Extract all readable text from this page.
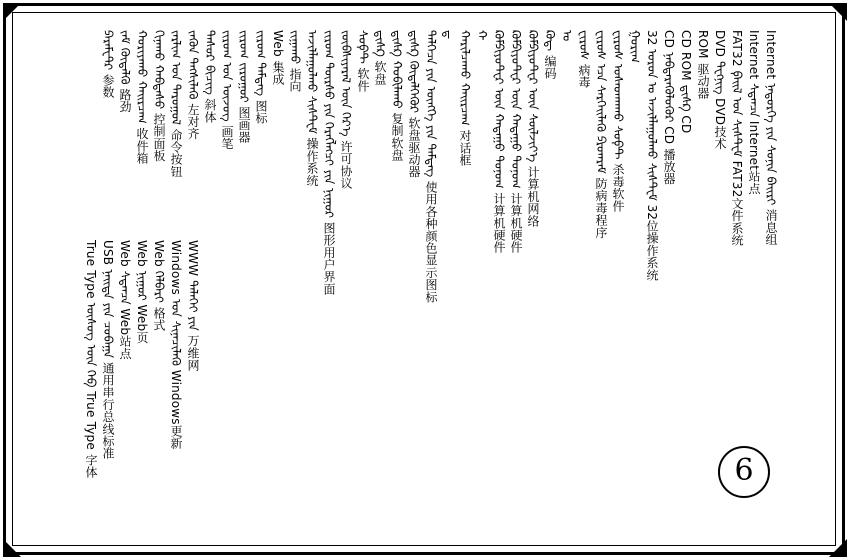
Internet ᠨᠡᠲᠤᠷᠬᠡ ᠶᠢᠨ ᠰᠣᠨᠢᠨ ᠪᠠᠢᠷᠢ 消息组
Internet ᠰᠲᠠᠨᠴᠠ Internet站点
FAT32 ᠹᠠᠢᠯ ᠤᠨ ᠰᠢᠰᠲ᠋ᠧᠮ FAT32文件系统
DVD ᠲᠧᠭᠨᠢᠭ DVD技术
ROM 驱动器
CD ROM ᠳ᠋ᠢᠰᠺ CD
CD ᠨᠡᠪᠲᠡᠷᠡᠭᠦᠯᠦᠭᠦᠷ CD 播放器
32 ᠣᠷᠣᠨ ᠤ ᠠᠵᠢᠯᠯᠠᠭᠤᠯᠬᠤ ᠰᠢᠰᠲ᠋ᠧᠮ 32位操作系统
ᠭᠣᠷᠢᠭ
ᠸᠢᠷᠦᠰ ᠤᠰᠠᠳᠬᠠᠬᠤ ᠰᠣᠹᠲ 杀毒软件
ᠸᠢᠷᠦᠰ ᠡᠴᠡ ᠰᠡᠷᠭᠡᠢᠯᠡᠬᠦ ᠫᠷᠤᠭ᠍ᠷᠠᠮ 防病毒程序
ᠸᠢᠷᠦᠰ 病毒
ᠤ
ᠺᠣᠳ᠋ 编码
ᠺᠣᠮᠫᠢᠶᠦᠲ᠋ᠧᠷ ᠦᠨ ᠰᠦᠯᠵᠢᠶ᠎ᠡ 计算机网络
ᠺᠣᠮᠫᠢᠶᠦᠲ᠋ᠧᠷ ᠦᠨ ᠬᠠᠲᠠᠭᠤ ᠲᠣᠨᠤᠭ 计算机硬件
ᠺᠣᠮᠫᠢᠶᠦᠲ᠋ᠧᠷ ᠦᠨ ᠬᠠᠲᠠᠭᠤ ᠲᠣᠨᠤᠭ 计算机硬件
ᠬ
ᠬᠠᠷᠢᠯᠴᠠᠬᠤ ᠬᠠᠢᠷᠴᠠᠭ 对话框
ᠳ
ᠳᠡᠯᠭᠡᠴᠡ ᠶᠢᠨ ᠦᠩᠭᠡ ᠶᠢᠨ ᠲᠡᠮᠳᠡᠭ 使用各种颜色显示图标
ᠳ᠋ᠢᠰᠺ ᠬᠥᠳᠡᠯᠭᠡᠭᠦᠷ 软盘驱动器
ᠳ᠋ᠢᠰᠺ ᠬᠤᠪᠢᠯᠠᠬᠤ 复制软盘
ᠳ᠋ᠢᠰᠺ 软盘
ᠰᠣᠹᠲ 软件
ᠵᠥᠪᠰᠢᠶᠡᠷᠡᠯ ᠦᠨ ᠭᠡᠷ᠎ᠡ 许可协议
ᠵᠢᠷᠤᠭ ᠳᠦᠷᠰᠦ ᠶᠢᠨ ᠬᠡᠷᠡᠭᠯᠡᠭᠴᠢ ᠶᠢᠨ ᠨᠢᠭᠤᠷ 图形用户界面
ᠠᠵᠢᠯᠯᠠᠭᠤᠯᠬᠤ ᠰᠢᠰᠲ᠋ᠧᠮ 操作系统
ᠵᠢᠭᠠᠬᠤ 指向
Web 集成
ᠵᠢᠷᠤᠭ ᠲᠡᠮᠳᠡᠭ 图标
ᠵᠢᠷᠤᠭ ᠵᠢᠷᠤᠭᠤᠷ 图画器
ᠵᠢᠷᠤᠭ ᠤᠨ ᠦᠵᠦᠭ 画笔
ᠲᠠᠰᠤᠷ ᠪᠢᠴᠢᠭ 斜体
ᠵᠡᠭᠦᠨ ᠲᠡᠭᠰᠢᠯᠡᠬᠦ 左对齐
ᠵᠠᠷᠯᠢᠭ ᠤᠨ ᠳᠠᠷᠤᠭᠤᠯ 命令按钮
ᠬᠢᠨᠠᠬᠤ ᠬᠠᠪᠲᠠᠰᠤ 控制面板
ᠬᠤᠷᠢᠶᠠᠬᠤ ᠬᠠᠢᠷᠴᠠᠭ 收件箱
ᠵᠠᠮ ᠬᠥᠳᠡᠯᠬᠦ 路劲
ᠫᠠᠷᠠᠮᠸᠲ᠋ᠷ 参数
WWW ᠳᠡᠯᠡᠬᠡᠢ ᠶᠢᠨ 万维网
Windows ᠤᠨ ᠰᠢᠨᠡᠴᠢᠯᠡᠬᠦ Windows更新
Web ᠬᠡᠯᠪᠡᠷᠢ 格式
Web ᠨᠢᠭᠤᠷ Web页
Web ᠰᠲᠠᠨᠴᠠ Web站点
USB ᠨᠡᠢᠲᠡ ᠶᠢᠨ ᠴᠤᠪᠠᠭᠠ 通用串行总线标准
True Type ᠦᠰᠦᠭ ᠦᠨ ᠬᠡᠪ True Type 字体	6
